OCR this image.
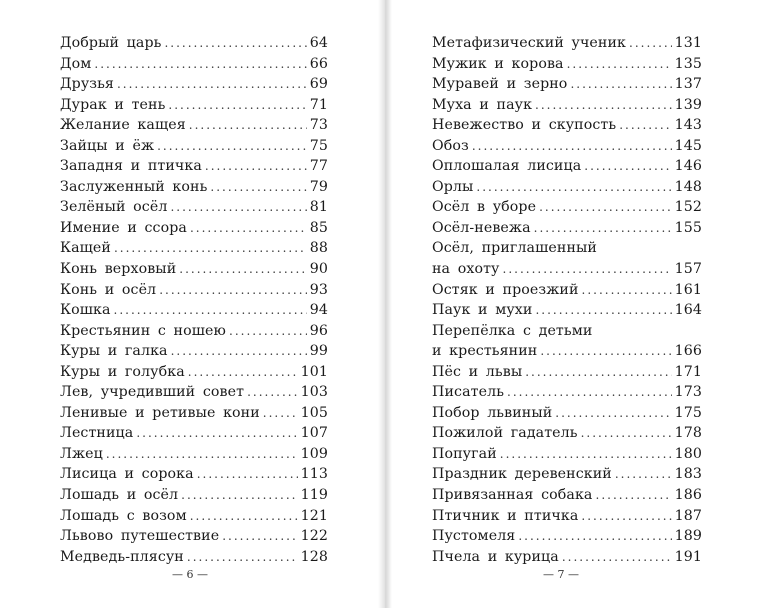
Добрый царь .....	64
Дом .....	66
Друзья .....	69
Дурак и тень .....	71
Желание кащея .....	73
Зайцы и ёж .....	75
Западня и птичка .....	77
Заслуженный конь .....	79
Зелёный осёл .....	81
Имение и ссора .....	85
Кащей .....	88
Конь верховый .....	90
Конь и осёл .....	93
Кошка .....	94
Крестьянин с ношею .....	96
Куры и галка .....	99
Куры и голубка .....	101
Лев, учредивший совет .....	103
Ленивые и ретивые кони .....	105
Лестница .....	107
Лжец .....	109
Лисица и сорока .....	113
Лошадь и осёл .....	119
Лошадь с возом .....	121
Львово путешествие .....	122
Медведь-плясун .....	128
— 6 —
Метафизический ученик .....	131
Мужик и корова .....	135
Муравей и зерно .....	137
Муха и паук .....	139
Невежество и скупость .....	143
Обоз .....	145
Оплошалая лисица .....	146
Орлы .....	148
Осёл в уборе .....	152
Осёл-невежа .....	155
Осёл, приглашенный
на охоту .....	157
Остяк и проезжий .....	161
Паук и мухи .....	164
Перепёлка с детьми
и крестьянин .....	166
Пёс и львы .....	171
Писатель .....	173
Побор львиный .....	175
Пожилой гадатель .....	178
Попугай .....	180
Праздник деревенский .....	183
Привязанная собака .....	186
Птичник и птичка .....	187
Пустомеля .....	189
Пчела и курица .....	191
— 7 —
